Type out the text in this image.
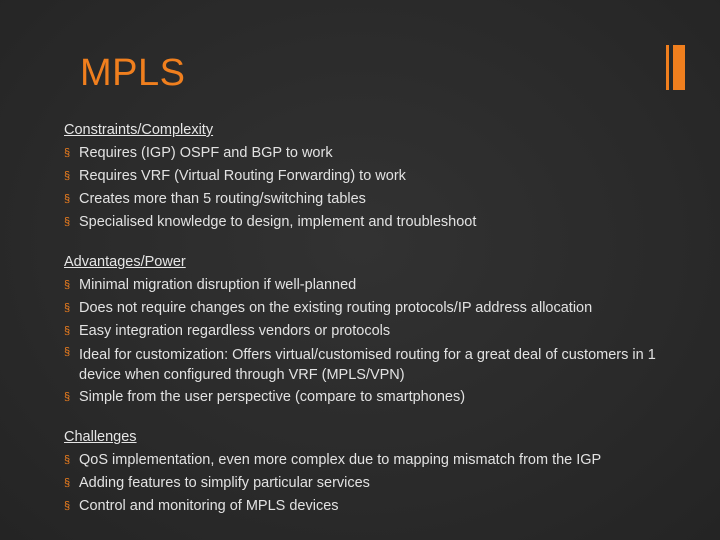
MPLS
Constraints/Complexity
§ Requires (IGP) OSPF and BGP to work
§ Requires VRF (Virtual Routing Forwarding) to work
§ Creates more than 5 routing/switching tables
§ Specialised knowledge to design, implement and troubleshoot
Advantages/Power
§ Minimal migration disruption if well-planned
§ Does not require changes on the existing routing protocols/IP address allocation
§ Easy integration regardless vendors or protocols
§ Ideal for customization: Offers virtual/customised routing for a great deal of customers in 1 device when configured through VRF (MPLS/VPN)
§ Simple from the user perspective (compare to smartphones)
Challenges
§ QoS implementation, even more complex due to mapping mismatch from the IGP
§ Adding features to simplify particular services
§ Control and monitoring of MPLS devices
